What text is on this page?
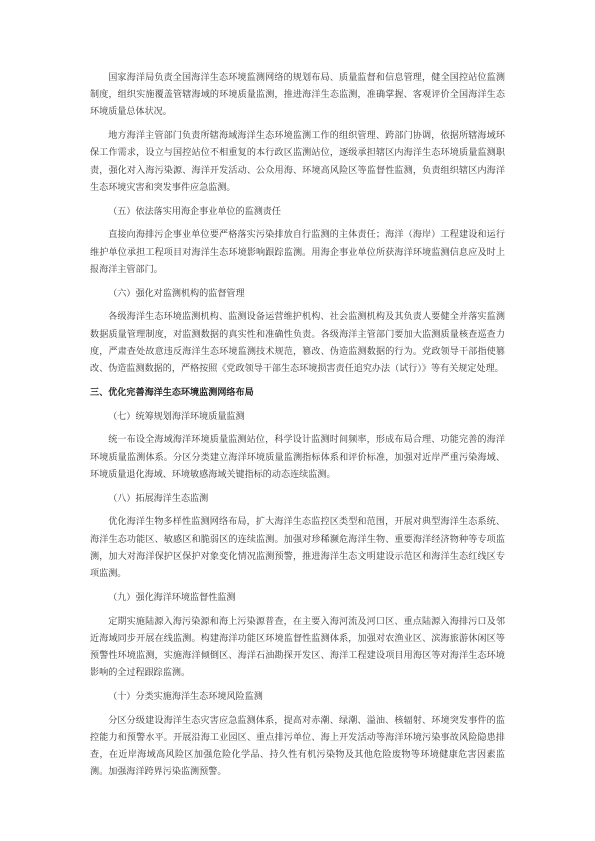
国家海洋局负责全国海洋生态环境监测网络的规划布局、质量监督和信息管理，健全国控站位监测制度，组织实施覆盖管辖海域的环境质量监测，推进海洋生态监测，准确掌握、客观评价全国海洋生态环境质量总体状况。

地方海洋主管部门负责所辖海域海洋生态环境监测工作的组织管理、跨部门协调，依据所辖海域环保工作需求，设立与国控站位不相重复的本行政区监测站位，逐级承担辖区内海洋生态环境质量监测职责，强化对入海污染源、海洋开发活动、公众用海、环境高风险区等监督性监测，负责组织辖区内海洋生态环境灾害和突发事件应急监测。

（五）依法落实用海企事业单位的监测责任

直接向海排污企事业单位要严格落实污染排放自行监测的主体责任；海洋（海岸）工程建设和运行维护单位承担工程项目对海洋生态环境影响跟踪监测。用海企事业单位所获海洋环境监测信息应及时上报海洋主管部门。

（六）强化对监测机构的监督管理

各级海洋生态环境监测机构、监测设备运营维护机构、社会监测机构及其负责人要健全并落实监测数据质量管理制度，对监测数据的真实性和准确性负责。各级海洋主管部门要加大监测质量核查巡查力度，严肃查处故意违反海洋生态环境监测技术规范，篡改、伪造监测数据的行为。党政领导干部指使篡改、伪造监测数据的，严格按照《党政领导干部生态环境损害责任追究办法（试行）》等有关规定处理。

三、优化完善海洋生态环境监测网络布局

（七）统筹规划海洋环境质量监测

统一布设全海域海洋环境质量监测站位，科学设计监测时间频率，形成布局合理、功能完善的海洋环境质量监测体系。分区分类建立海洋环境质量监测指标体系和评价标准，加强对近岸严重污染海域、环境质量退化海域、环境敏感海域关键指标的动态连续监测。

（八）拓展海洋生态监测

优化海洋生物多样性监测网络布局，扩大海洋生态监控区类型和范围，开展对典型海洋生态系统、海洋生态功能区、敏感区和脆弱区的连续监测。加强对珍稀濒危海洋生物、重要海洋经济物种等专项监测，加大对海洋保护区保护对象变化情况监测预警，推进海洋生态文明建设示范区和海洋生态红线区专项监测。

（九）强化海洋环境监督性监测

定期实施陆源入海污染源和海上污染源普查，在主要入海河流及河口区、重点陆源入海排污口及邻近海域同步开展在线监测。构建海洋功能区环境监督性监测体系，加强对农渔业区、滨海旅游休闲区等预警性环境监测，实施海洋倾倒区、海洋石油勘探开发区、海洋工程建设项目用海区等对海洋生态环境影响的全过程跟踪监测。

（十）分类实施海洋生态环境风险监测

分区分级建设海洋生态灾害应急监测体系，提高对赤潮、绿潮、溢油、核辐射、环境突发事件的监控能力和预警水平。开展沿海工业园区、重点排污单位、海上开发活动等海洋环境污染事故风险隐患排查，在近岸海域高风险区加强危险化学品、持久性有机污染物及其他危险废物等环境健康危害因素监测。加强海洋跨界污染监测预警。
